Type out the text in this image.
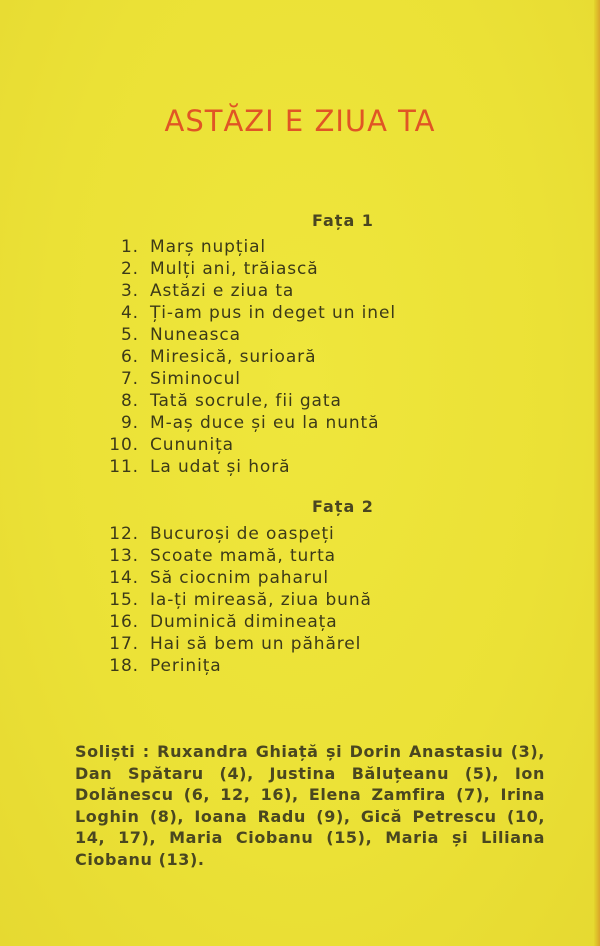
ASTĂZI E ZIUA TA
Fața 1
1. Marș nupțial
2. Mulți ani, trăiască
3. Astăzi e ziua ta
4. Ți-am pus in deget un inel
5. Nuneasca
6. Miresică, surioară
7. Siminocul
8. Tată socrule, fii gata
9. M-aș duce și eu la nuntă
10. Cununița
11. La udat și horă
Fața 2
12. Bucuroși de oaspeți
13. Scoate mamă, turta
14. Să ciocnim paharul
15. Ia-ți mireasă, ziua bună
16. Duminică dimineața
17. Hai să bem un păhărel
18. Perinița
Soliști : Ruxandra Ghiață și Dorin Anastasiu (3), Dan Spătaru (4), Justina Băluțeanu (5), Ion Dolănescu (6, 12, 16), Elena Zamfira (7), Irina Loghin (8), Ioana Radu (9), Gică Petrescu (10, 14, 17), Maria Ciobanu (15), Maria și Liliana Ciobanu (13).
